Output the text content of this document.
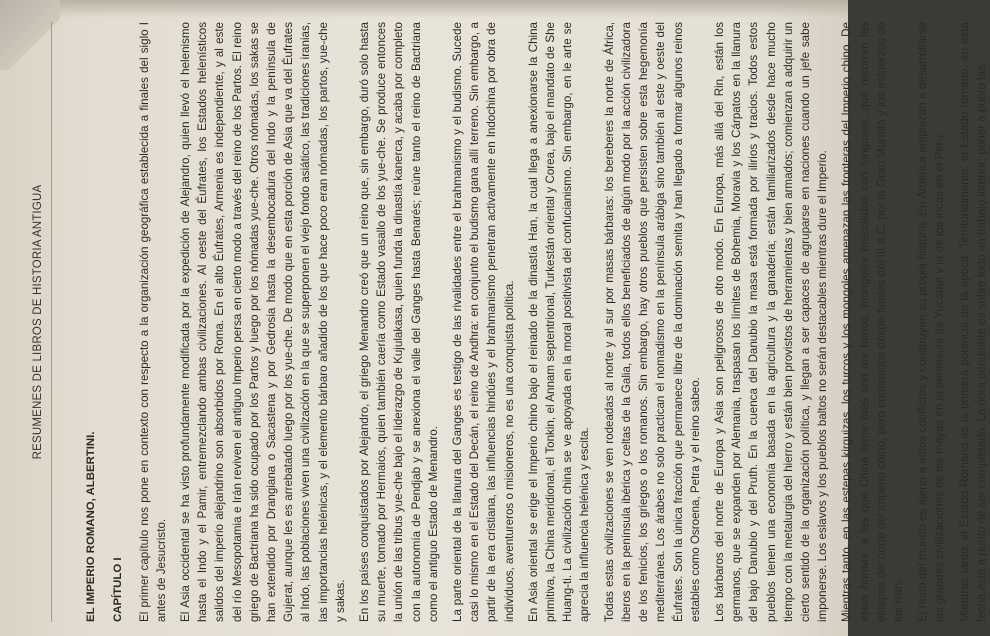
RESUMENES DE LIBROS DE HISTORIA ANTIGUA
EL IMPERIO ROMANO, ALBERTINI. CAPÍTULO I El primer capítulo nos pone en contexto con respecto a la organización geográfica establecida a finales del siglo I antes de Jesucristo. El Asia occidental se ha visto profundamente modificada por la expedición de Alejandro, quien llevó el helenismo hasta el Indo y el Pamir, entremezclando ambas civilizaciones. Al oeste del Éufrates, los Estados helenísticos salidos del imperio alejandrino son absorbidos por Roma. En el alto Éufrates, Armenia es independiente, y al este del río Mesopotamia e Irán reviven el antiguo Imperio persa en cierto modo a través del reino de los Partos. El reino griego de Bactriana ha sido ocupado por los Partos y luego por los nómadas yue-che. Otros nómadas, los sakas se han extendido por Drangiana o Sacastena y por Gedrosia hasta la desembocadura del Indo y la península de Gujerat, aunque les es arrebatado luego por los yue-che. De modo que en esta porción de Asia que va del Éufrates al Indo, las poblaciones viven una civilización en la que se superponen el viejo fondo asiático, las tradiciones iranias, las importancias helénicas, y el elemento bárbaro añadido de los que hace poco eran nómadas, los partos, yue-che y sakas. En los países conquistados por Alejandro, el griego Menandro creó que un reino que, sin embargo, duró solo hasta su muerte, tomado por Hermaios, quien también caería como Estado vasallo de los yue-che. Se produce entonces la unión de las tribus yue-che bajo el liderazgo de Kujulakasa, quien funda la dinastía kanerca, y acaba por completo con la autonomía de Pendjab y se anexiona el valle del Ganges hasta Benarés; reúne tanto el reino de Bactriana como el antiguo Estado de Menandro. La parte oriental de la llanura del Ganges es testigo de las rivalidades entre el brahmanismo y el budismo. Sucede casi lo mismo en el Estado del Decán, el reino de Andhra: en conjunto el budismo gana allí terreno. Sin embargo, a partir de la era cristiana, las influencias hindúes y el brahmanismo penetran activamente en Indochina por obra de individuos, aventureros o misioneros, no es una conquista política. En Asia oriental se erige el Imperio chino bajo el reinado de la dinastía Han, la cual llega a anexionarse la China primitiva, la China meridional, el Tonkin, el Annam septentrional, Turkestán oriental y Corea, bajo el mandato de She Huang-ti. La civilización china se ve apoyada en la moral positivista del confucianismo. Sin embargo, en le arte se aprecia la influencia helénica y escita. Todas estas civilizaciones se ven rodeadas al norte y al sur por masas bárbaras: los bereberes la norte de África, iberos en la península ibérica y celtas de la Galia, todos ellos beneficiados de algún modo por la acción civilizadora de los fenicios, los griegos o los romanos. Sin embargo, hay otros pueblos que persisten sobre esta hegemonía mediterránea. Los árabes no solo practican el nomadismo en la península arábiga sino también al este y oeste del Éufrates. Son la única fracción que permanece libre de la dominación semita y han llegado a formar algunos reinos estables como Osroena, Petra y el reino sabeo. Los bárbaros del norte de Europa y Asia son peligrosos de otro modo. En Europa, más allá del Rin, están los germanos, que se expanden por Alemania, traspasan los límites de Bohemia, Moravia y los Cárpatos en la llanura del bajo Danubio y del Pruth. En la cuenca del Danubio la masa está formada por ilirios y tracios. Todos estos pueblos tienen una economía basada en la agricultura y la ganadería; están familiarizados desde hace mucho tiempo con la metalurgia del hierro y están bien provistos de herramientas y bien armados; comienzan a adquirir un cierto sentido de la organización política, y llegan a ser capaces de agruparse en naciones cuando un jefe sabe imponerse. Los eslavos y los pueblos baltos no serán destacables mientras dure el Imperio. Mientras tanto, en las estepas kirguizas, los turcos y los mongoles amenazan las fronteras del Imperio chino. De estas hordas, a las que China teme más son los hunos, mongoles mezclados con tunguses, que recorren las estepas del norte del imperio chino, pero contenidos desde finales del III a.C. por la Gran Muralla y los esfuerzos de los Han. El resto del mundo es ajeno a estos conflictos y construyen su propia historia. En América empiezan a desarrollarse las grandes civilizaciones de los mayas en la península de Yucatán y la de los incas en el Perú. Mientras tanto, el Estado Romano es la primera potencia de la época. Territorialmente, el Estado romano, en esta fecha está a punto de ser completado. La obra pendiente es sobre todo un trabajo interior: poner a punto las
